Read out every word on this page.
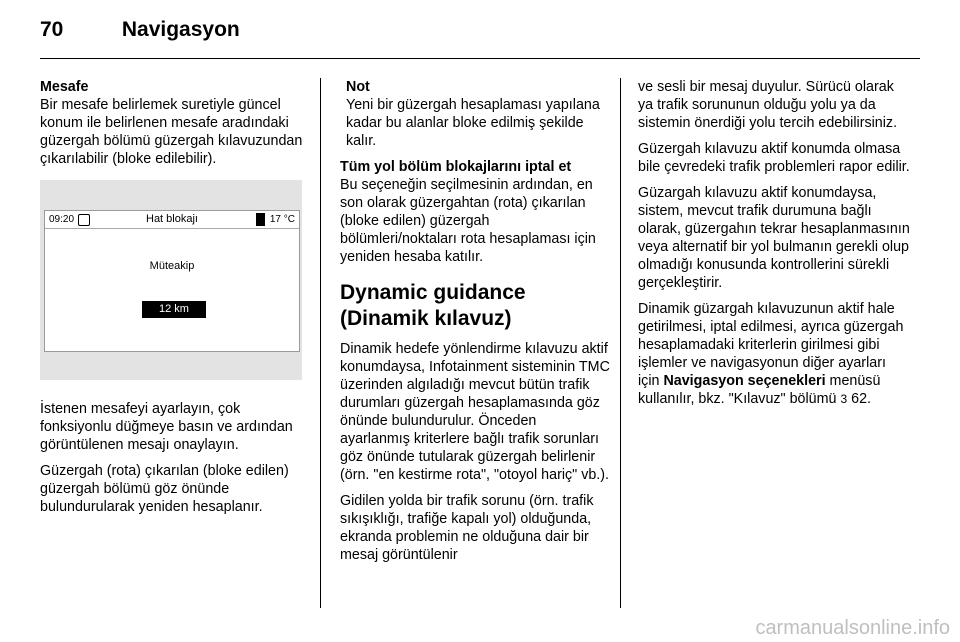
70	Navigasyon
Mesafe

Bir mesafe belirlemek suretiyle güncel konum ile belirlenen mesafe aradındaki güzergah bölümü güzergah kılavuzundan çıkarılabilir (bloke edilebilir).

09:20	Hat blokajı	17 °C
Müteakip
12 km

İstenen mesafeyi ayarlayın, çok fonksiyonlu düğmeye basın ve ardından görüntülenen mesajı onaylayın.

Güzergah (rota) çıkarılan (bloke edilen) güzergah bölümü göz önünde bulundurularak yeniden hesaplanır.

Not

Yeni bir güzergah hesaplaması yapılana kadar bu alanlar bloke edilmiş şekilde kalır.

Tüm yol bölüm blokajlarını iptal et

Bu seçeneğin seçilmesinin ardından, en son olarak güzergahtan (rota) çıkarılan (bloke edilen) güzergah bölümleri/noktaları rota hesaplaması için yeniden hesaba katılır.

Dynamic guidance (Dinamik kılavuz)

Dinamik hedefe yönlendirme kılavuzu aktif konumdaysa, Infotainment sisteminin TMC üzerinden algıladığı mevcut bütün trafik durumları güzergah hesaplamasında göz önünde bulundurulur. Önceden ayarlanmış kriterlere bağlı trafik sorunları göz önünde tutularak güzergah belirlenir (örn. "en kestirme rota", "otoyol hariç" vb.).

Gidilen yolda bir trafik sorunu (örn. trafik sıkışıklığı, trafiğe kapalı yol) olduğunda, ekranda problemin ne olduğuna dair bir mesaj görüntülenir

ve sesli bir mesaj duyulur. Sürücü olarak ya trafik sorununun olduğu yolu ya da sistemin önerdiği yolu tercih edebilirsiniz.

Güzergah kılavuzu aktif konumda olmasa bile çevredeki trafik problemleri rapor edilir.

Güzargah kılavuzu aktif konumdaysa, sistem, mevcut trafik durumuna bağlı olarak, güzergahın tekrar hesaplanmasının veya alternatif bir yol bulmanın gerekli olup olmadığı konusunda kontrollerini sürekli gerçekleştirir.

Dinamik güzargah kılavuzunun aktif hale getirilmesi, iptal edilmesi, ayrıca güzergah hesaplamadaki kriterlerin girilmesi gibi işlemler ve navigasyonun diğer ayarları için Navigasyon seçenekleri menüsü kullanılır, bkz. "Kılavuz" bölümü 3 62.

carmanualsonline.info
